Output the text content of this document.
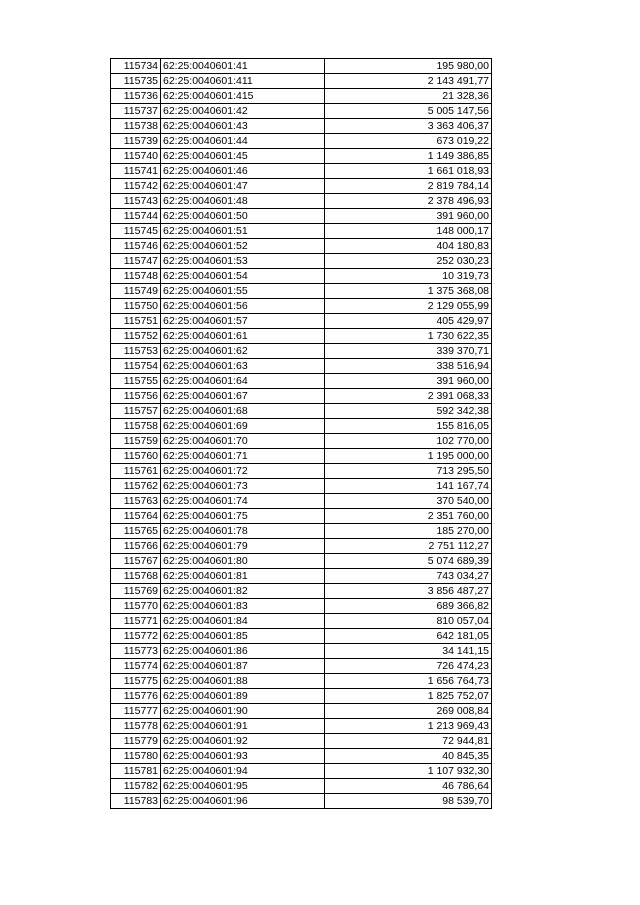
115734	62:25:0040601:41	195 980,00
115735	62:25:0040601:411	2 143 491,77
115736	62:25:0040601:415	21 328,36
115737	62:25:0040601:42	5 005 147,56
115738	62:25:0040601:43	3 363 406,37
115739	62:25:0040601:44	673 019,22
115740	62:25:0040601:45	1 149 386,85
115741	62:25:0040601:46	1 661 018,93
115742	62:25:0040601:47	2 819 784,14
115743	62:25:0040601:48	2 378 496,93
115744	62:25:0040601:50	391 960,00
115745	62:25:0040601:51	148 000,17
115746	62:25:0040601:52	404 180,83
115747	62:25:0040601:53	252 030,23
115748	62:25:0040601:54	10 319,73
115749	62:25:0040601:55	1 375 368,08
115750	62:25:0040601:56	2 129 055,99
115751	62:25:0040601:57	405 429,97
115752	62:25:0040601:61	1 730 622,35
115753	62:25:0040601:62	339 370,71
115754	62:25:0040601:63	338 516,94
115755	62:25:0040601:64	391 960,00
115756	62:25:0040601:67	2 391 068,33
115757	62:25:0040601:68	592 342,38
115758	62:25:0040601:69	155 816,05
115759	62:25:0040601:70	102 770,00
115760	62:25:0040601:71	1 195 000,00
115761	62:25:0040601:72	713 295,50
115762	62:25:0040601:73	141 167,74
115763	62:25:0040601:74	370 540,00
115764	62:25:0040601:75	2 351 760,00
115765	62:25:0040601:78	185 270,00
115766	62:25:0040601:79	2 751 112,27
115767	62:25:0040601:80	5 074 689,39
115768	62:25:0040601:81	743 034,27
115769	62:25:0040601:82	3 856 487,27
115770	62:25:0040601:83	689 366,82
115771	62:25:0040601:84	810 057,04
115772	62:25:0040601:85	642 181,05
115773	62:25:0040601:86	34 141,15
115774	62:25:0040601:87	726 474,23
115775	62:25:0040601:88	1 656 764,73
115776	62:25:0040601:89	1 825 752,07
115777	62:25:0040601:90	269 008,84
115778	62:25:0040601:91	1 213 969,43
115779	62:25:0040601:92	72 944,81
115780	62:25:0040601:93	40 845,35
115781	62:25:0040601:94	1 107 932,30
115782	62:25:0040601:95	46 786,64
115783	62:25:0040601:96	98 539,70
